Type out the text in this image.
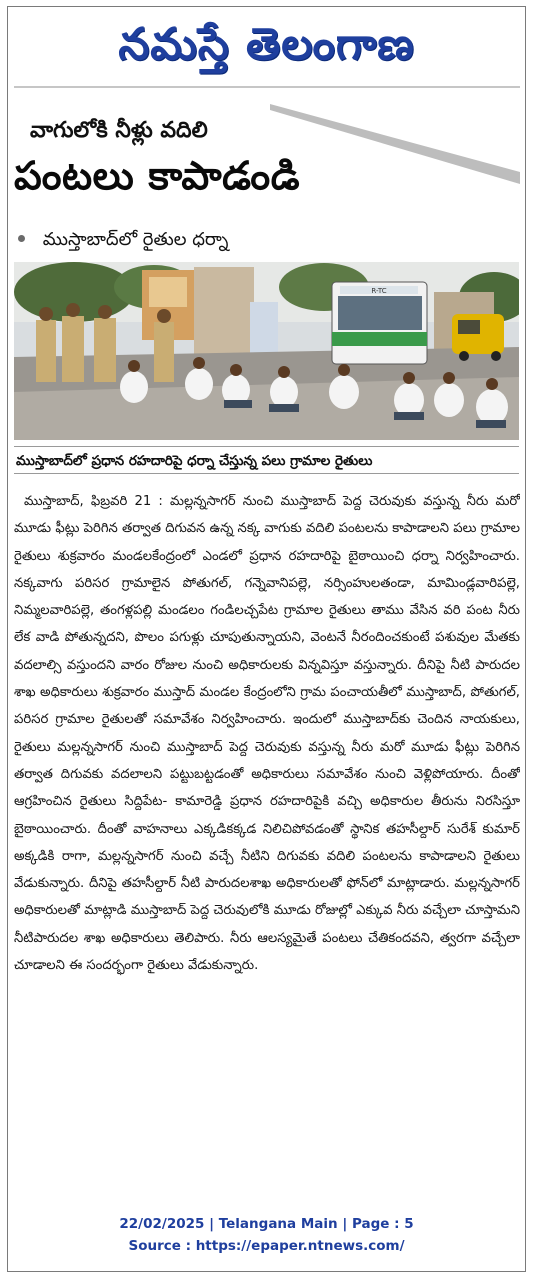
నమస్తే తెలంగాణ
వాగులోకి నీళ్లు వదిలి
పంటలు కాపాడండి
ముస్తాబాద్‌లో రైతుల ధర్నా
R-TC
ముస్తాబాద్‌లో ప్రధాన రహదారిపై ధర్నా చేస్తున్న పలు గ్రామాల రైతులు
ముస్తాబాద్, ఫిబ్రవరి 21 : మల్లన్నసాగర్ నుంచి ముస్తాబాద్ పెద్ద చెరువుకు వస్తున్న నీరు మరో మూడు ఫీట్లు పెరిగిన తర్వాత దిగువన ఉన్న నక్క వాగుకు వదిలి పంటలను కాపాడాలని పలు గ్రామాల రైతులు శుక్రవారం మండలకేంద్రంలో ఎండలో ప్రధాన రహదారిపై బైఠాయించి ధర్నా నిర్వహించారు. నక్కవాగు పరిసర గ్రామాలైన పోతుగల్, గన్నెవానిపల్లె, నర్సింహులతండా, మామిండ్లవారిపల్లె, నిమ్మలవారిపల్లె, తంగళ్లపల్లి మండలం గండిలచ్చపేట గ్రామాల రైతులు తాము వేసిన వరి పంట నీరు లేక వాడి పోతున్నదని, పొలం పగుళ్లు చూపుతున్నాయని, వెంటనే నీరందించకుంటే పశువుల మేతకు వదలాల్సి వస్తుందని వారం రోజుల నుంచి అధికారులకు విన్నవిస్తూ వస్తున్నారు. దీనిపై నీటి పారుదల శాఖ అధికారులు శుక్రవారం ముస్తాద్ మండల కేంద్రంలోని గ్రామ పంచాయతీలో ముస్తాబాద్, పోతుగల్, పరిసర గ్రామాల రైతులతో సమావేశం నిర్వహించారు. ఇందులో ముస్తాబాద్‌కు చెందిన నాయకులు, రైతులు మల్లన్నసాగర్ నుంచి ముస్తాబాద్ పెద్ద చెరువుకు వస్తున్న నీరు మరో మూడు ఫీట్లు పెరిగిన తర్వాత దిగువకు వదలాలని పట్టుబట్టడంతో అధికారులు సమావేశం నుంచి వెళ్లిపోయారు. దీంతో ఆగ్రహించిన రైతులు సిద్దిపేట- కామారెడ్డి ప్రధాన రహదారిపైకి వచ్చి అధికారుల తీరును నిరసిస్తూ బైఠాయించారు. దీంతో వాహనాలు ఎక్కడికక్కడ నిలిచిపోవడంతో స్థానిక తహసీల్దార్ సురేశ్ కుమార్ అక్కడికి రాగా, మల్లన్నసాగర్ నుంచి వచ్చే నీటిని దిగువకు వదిలి పంటలను కాపాడాలని రైతులు వేడుకున్నారు. దీనిపై తహసీల్దార్ నీటి పారుదలశాఖ అధికారులతో ఫోన్‌లో మాట్లాడారు. మల్లన్నసాగర్ అధికారులతో మాట్లాడి ముస్తాబాద్ పెద్ద చెరువులోకి మూడు రోజుల్లో ఎక్కువ నీరు వచ్చేలా చూస్తామని నీటిపారుదల శాఖ అధికారులు తెలిపారు. నీరు ఆలస్యమైతే పంటలు చేతికందవని, త్వరగా వచ్చేలా చూడాలని ఈ సందర్భంగా రైతులు వేడుకున్నారు.
22/02/2025 | Telangana Main | Page : 5
Source : https://epaper.ntnews.com/
